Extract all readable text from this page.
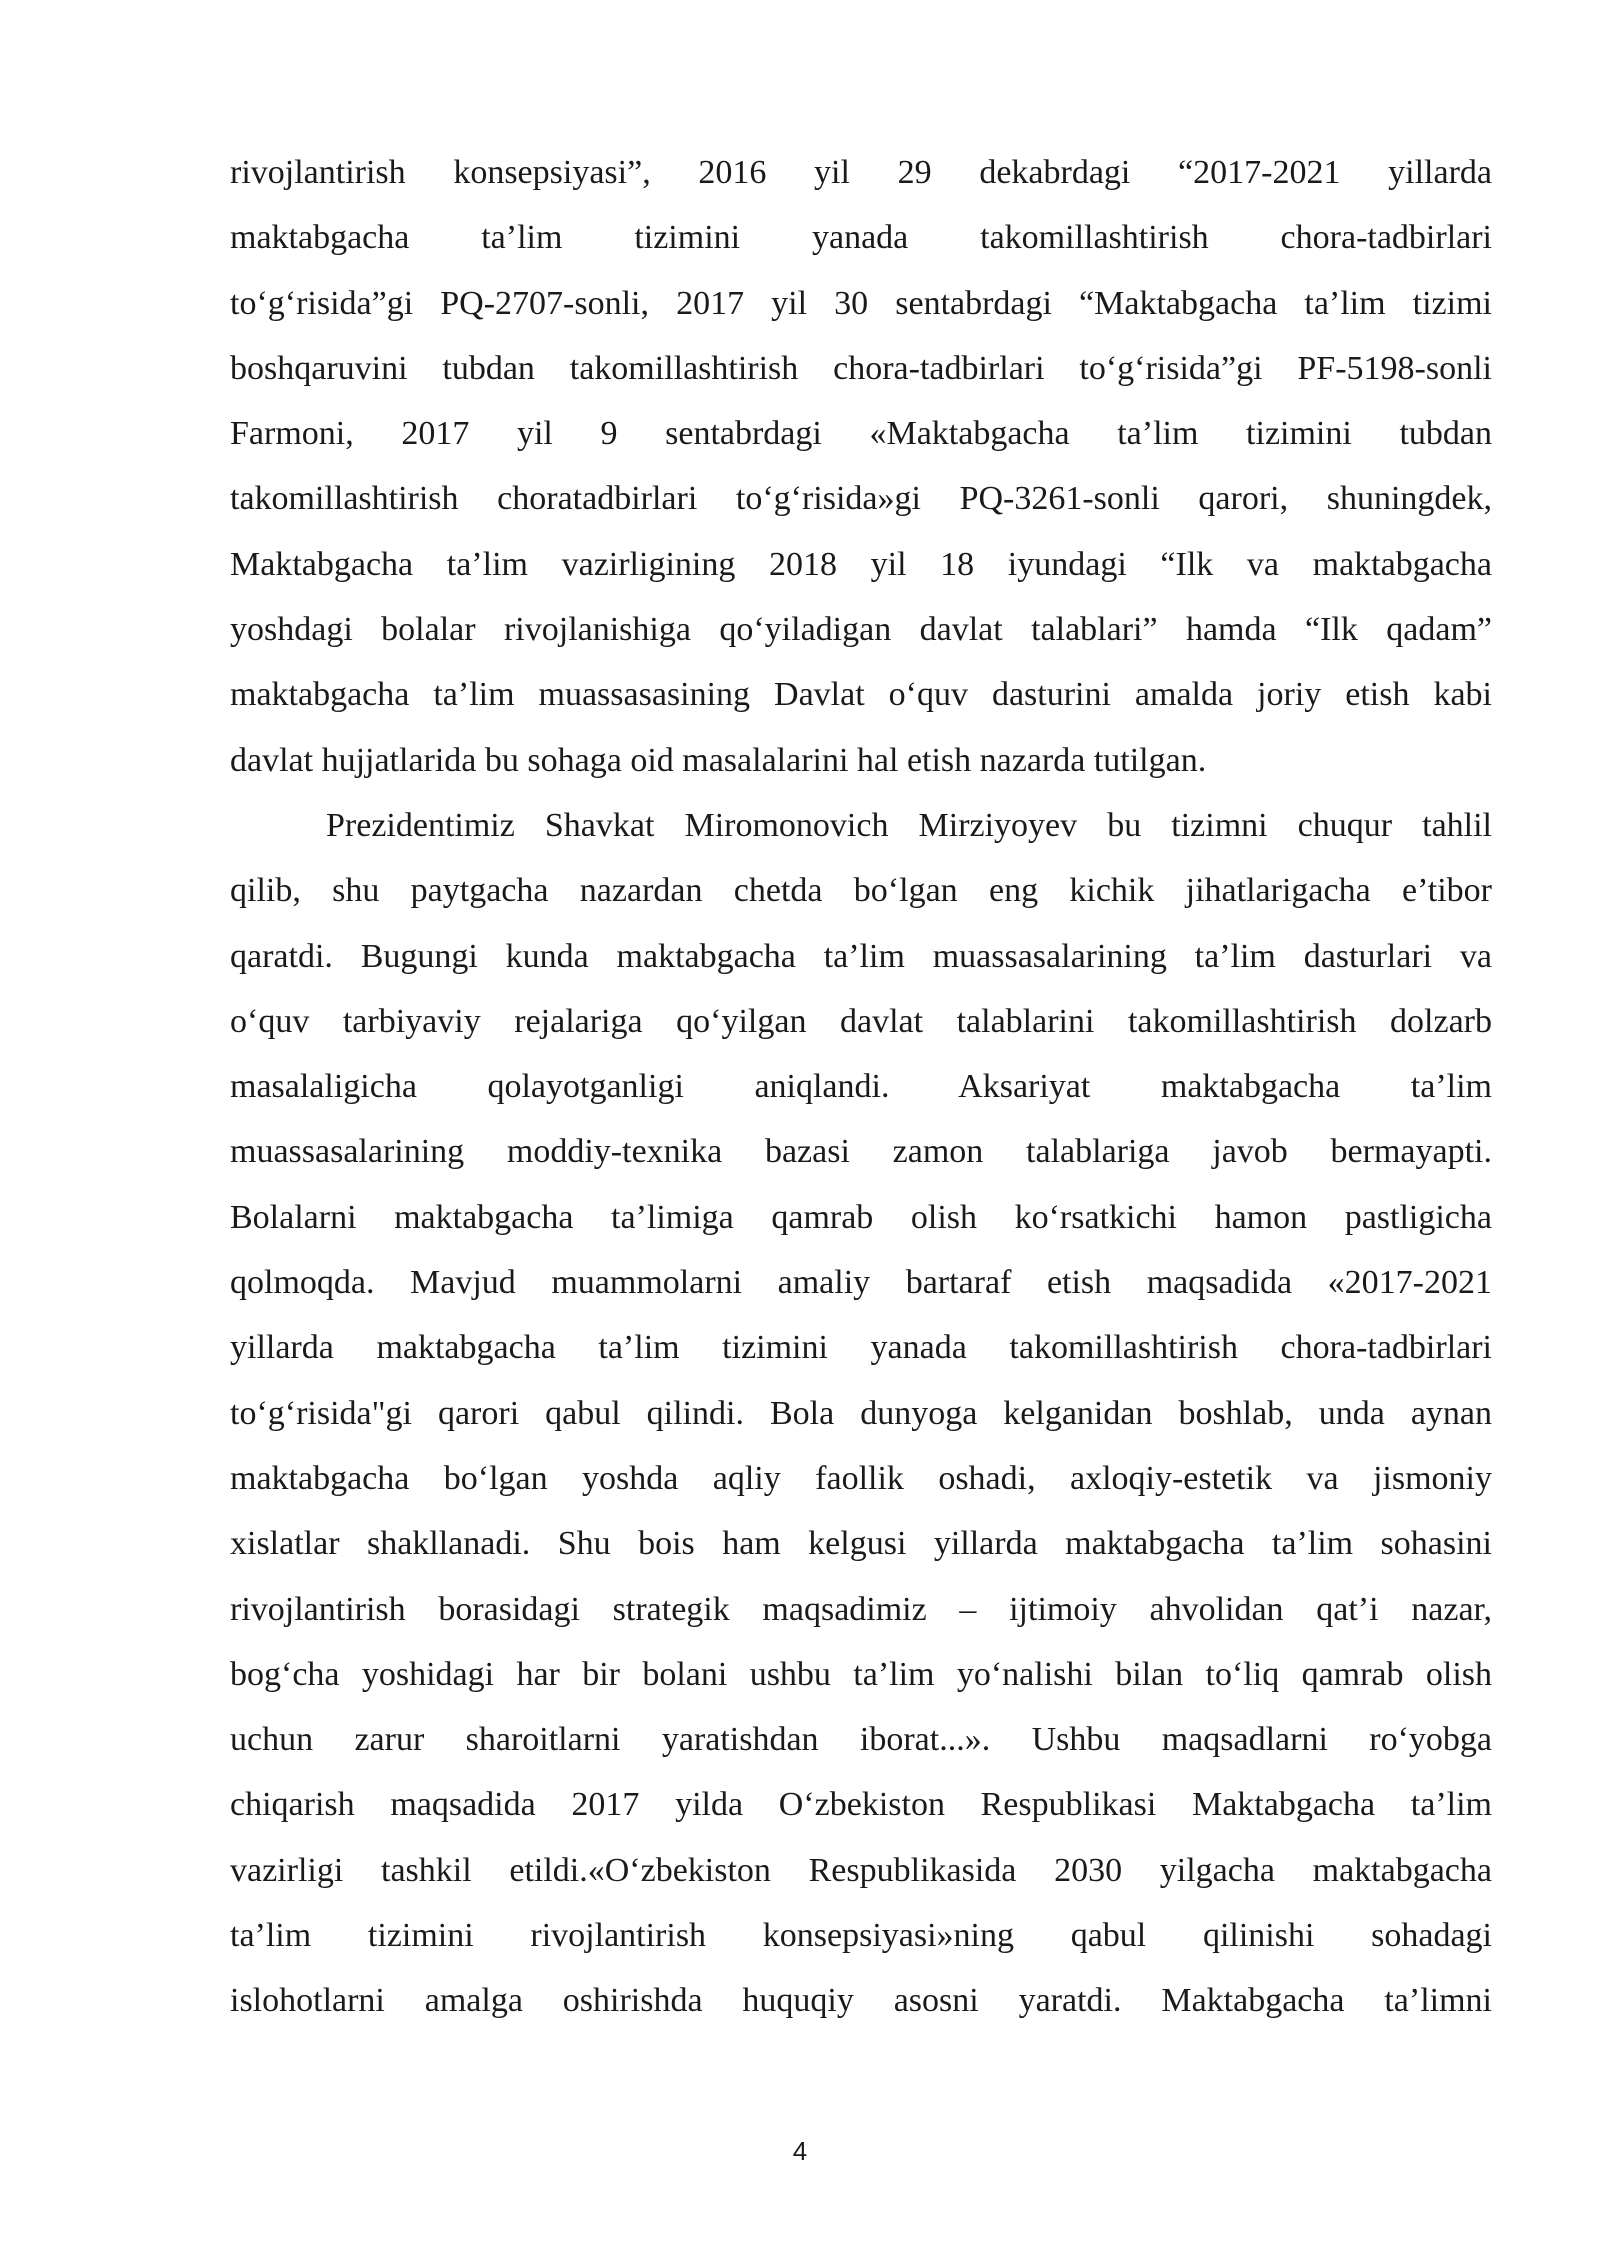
rivojlantirish konsepsiyasi”, 2016 yil 29 dekabrdagi “2017-2021 yillarda
maktabgacha ta’lim tizimini yanada takomillashtirish chora-tadbirlari
to‘g‘risida”gi PQ-2707-sonli, 2017 yil 30 sentabrdagi “Maktabgacha ta’lim tizimi
boshqaruvini tubdan takomillashtirish chora-tadbirlari to‘g‘risida”gi PF-5198-sonli
Farmoni, 2017 yil 9 sentabrdagi «Maktabgacha ta’lim tizimini tubdan
takomillashtirish choratadbirlari to‘g‘risida»gi PQ-3261-sonli qarori, shuningdek,
Maktabgacha ta’lim vazirligining 2018 yil 18 iyundagi “Ilk va maktabgacha
yoshdagi bolalar rivojlanishiga qo‘yiladigan davlat talablari” hamda “Ilk qadam”
maktabgacha ta’lim muassasasining Davlat o‘quv dasturini amalda joriy etish kabi
davlat hujjatlarida bu sohaga oid masalalarini hal etish nazarda tutilgan.
Prezidentimiz Shavkat Miromonovich Mirziyoyev bu tizimni chuqur tahlil
qilib, shu paytgacha nazardan chetda bo‘lgan eng kichik jihatlarigacha e’tibor
qaratdi. Bugungi kunda maktabgacha ta’lim muassasalarining ta’lim dasturlari va
o‘quv tarbiyaviy rejalariga qo‘yilgan davlat talablarini takomillashtirish dolzarb
masalaligicha qolayotganligi aniqlandi. Aksariyat maktabgacha ta’lim
muassasalarining moddiy-texnika bazasi zamon talablariga javob bermayapti.
Bolalarni maktabgacha ta’limiga qamrab olish ko‘rsatkichi hamon pastligicha
qolmoqda. Mavjud muammolarni amaliy bartaraf etish maqsadida «2017-2021
yillarda maktabgacha ta’lim tizimini yanada takomillashtirish chora-tadbirlari
to‘g‘risida"gi qarori qabul qilindi. Bola dunyoga kelganidan boshlab, unda aynan
maktabgacha bo‘lgan yoshda aqliy faollik oshadi, axloqiy-estetik va jismoniy
xislatlar shakllanadi. Shu bois ham kelgusi yillarda maktabgacha ta’lim sohasini
rivojlantirish borasidagi strategik maqsadimiz – ijtimoiy ahvolidan qat’i nazar,
bog‘cha yoshidagi har bir bolani ushbu ta’lim yo‘nalishi bilan to‘liq qamrab olish
uchun zarur sharoitlarni yaratishdan iborat...». Ushbu maqsadlarni ro‘yobga
chiqarish maqsadida 2017 yilda O‘zbekiston Respublikasi Maktabgacha ta’lim
vazirligi tashkil etildi.«O‘zbekiston Respublikasida 2030 yilgacha maktabgacha
ta’lim tizimini rivojlantirish konsepsiyasi»ning qabul qilinishi sohadagi
islohotlarni amalga oshirishda huquqiy asosni yaratdi. Maktabgacha ta’limni
4
